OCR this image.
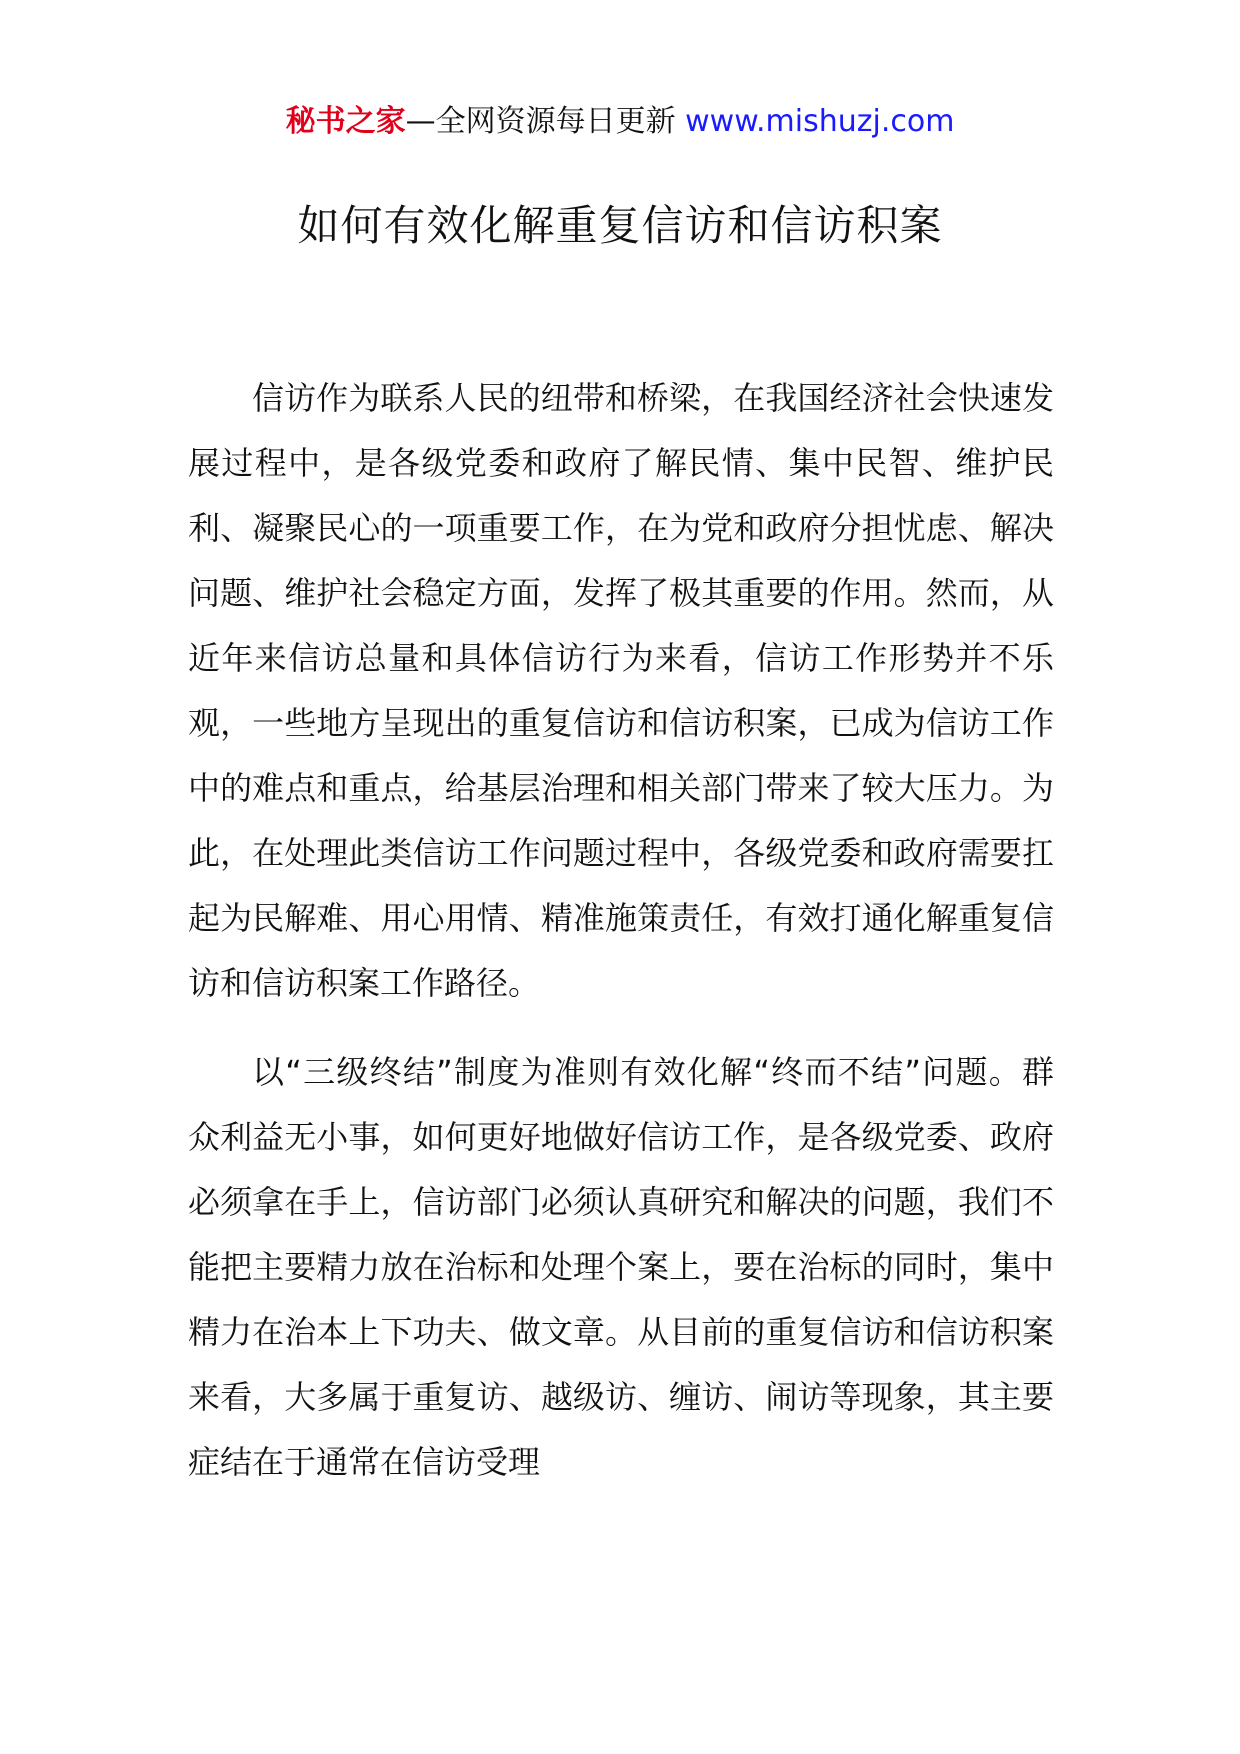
秘书之家—全网资源每日更新 www.mishuzj.com
如何有效化解重复信访和信访积案

信访作为联系人民的纽带和桥梁，在我国经济社会快速发展过程中，是各级党委和政府了解民情、集中民智、维护民利、凝聚民心的一项重要工作，在为党和政府分担忧虑、解决问题、维护社会稳定方面，发挥了极其重要的作用。然而，从近年来信访总量和具体信访行为来看，信访工作形势并不乐观，一些地方呈现出的重复信访和信访积案，已成为信访工作中的难点和重点，给基层治理和相关部门带来了较大压力。为此，在处理此类信访工作问题过程中，各级党委和政府需要扛起为民解难、用心用情、精准施策责任，有效打通化解重复信访和信访积案工作路径。

以“三级终结”制度为准则有效化解“终而不结”问题。群众利益无小事，如何更好地做好信访工作，是各级党委、政府必须拿在手上，信访部门必须认真研究和解决的问题，我们不能把主要精力放在治标和处理个案上，要在治标的同时，集中精力在治本上下功夫、做文章。从目前的重复信访和信访积案来看，大多属于重复访、越级访、缠访、闹访等现象，其主要症结在于通常在信访受理
